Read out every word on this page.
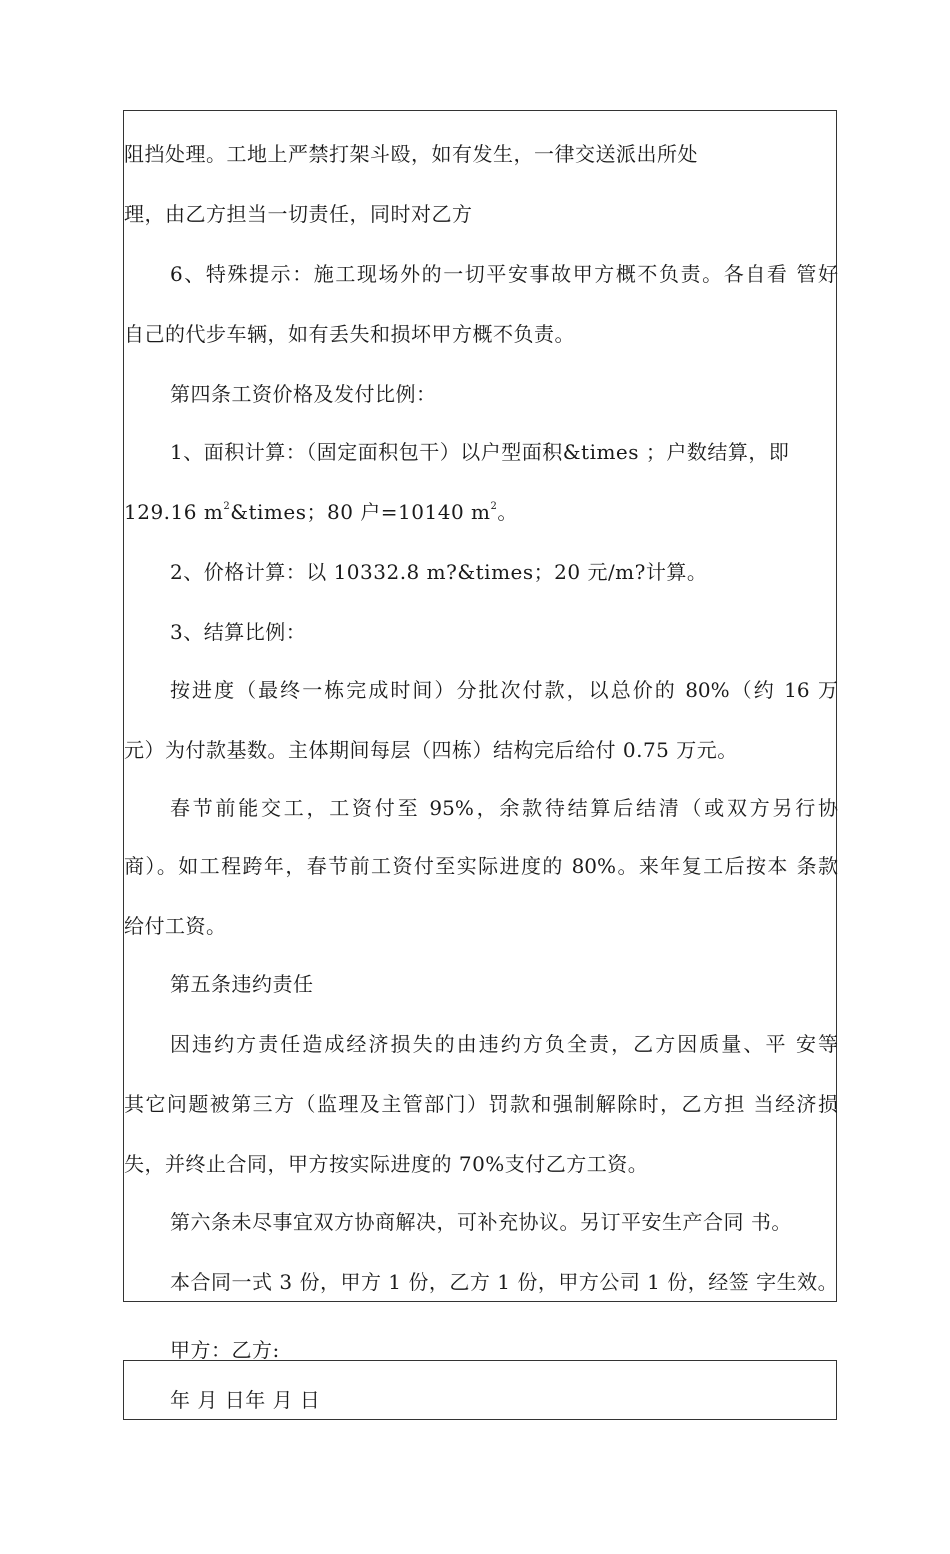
阻挡处理。工地上严禁打架斗殴，如有发生，一律交送派出所处
理，由乙方担当一切责任，同时对乙方
6、特殊提示：施工现场外的一切平安事故甲方概不负责。各自看 管好
自己的代步车辆，如有丢失和损坏甲方概不负责。
第四条工资价格及发付比例：
1、面积计算：（固定面积包干）以户型面积&times ；户数结算，即
129.16 $m^2\&times$；80 户=10140 $m^2$。
2、价格计算：以 10332.8 m?&times；20 元/m?计算。
3、结算比例：
按进度（最终一栋完成时间）分批次付款，以总价的 80%（约 16 万
元）为付款基数。主体期间每层（四栋）结构完后给付 0.75 万元。
春节前能交工，工资付至 95%，余款待结算后结清（或双方另行协
商）。如工程跨年，春节前工资付至实际进度的 80%。来年复工后按本 条款
给付工资。
第五条违约责任
因违约方责任造成经济损失的由违约方负全责，乙方因质量、平 安等
其它问题被第三方（监理及主管部门）罚款和强制解除时，乙方担 当经济损
失，并终止合同，甲方按实际进度的 70%支付乙方工资。
第六条未尽事宜双方协商解决，可补充协议。另订平安生产合同 书。
本合同一式 3 份，甲方 1 份，乙方 1 份，甲方公司 1 份，经签 字生效。
甲方：乙方:
年 月 日年 月 日
